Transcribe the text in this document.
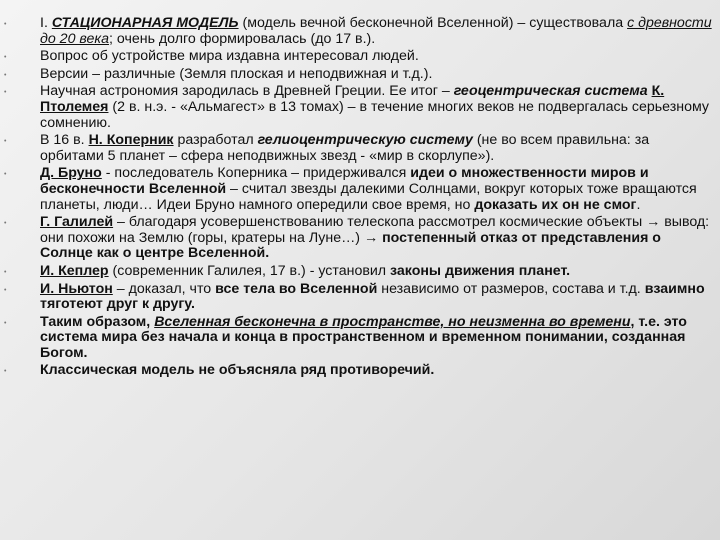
• I. СТАЦИОНАРНАЯ МОДЕЛЬ (модель вечной бесконечной Вселенной) – существовала с древности до 20 века; очень долго формировалась (до 17 в.).
• Вопрос об устройстве мира издавна интересовал людей.
• Версии – различные (Земля плоская и неподвижная и т.д.).
• Научная астрономия зародилась в Древней Греции. Ее итог – геоцентрическая система К. Птолемея (2 в. н.э. - «Альмагест» в 13 томах) – в течение многих веков не подвергалась серьезному сомнению.
• В 16 в. Н. Коперник разработал гелиоцентрическую систему (не во всем правильна: за орбитами 5 планет – сфера неподвижных звезд - «мир в скорлупе»).
• Д. Бруно - последователь Коперника – придерживался идеи о множественности миров и бесконечности Вселенной – считал звезды далекими Солнцами, вокруг которых тоже вращаются планеты, люди… Идеи Бруно намного опередили свое время, но доказать их он не смог.
• Г. Галилей – благодаря усовершенствованию телескопа рассмотрел космические объекты → вывод: они похожи на Землю (горы, кратеры на Луне…) → постепенный отказ от представления о Солнце как о центре Вселенной.
• И. Кеплер (современник Галилея, 17 в.) - установил законы движения планет.
• И. Ньютон – доказал, что все тела во Вселенной независимо от размеров, состава и т.д. взаимно тяготеют друг к другу.
• Таким образом, Вселенная бесконечна в пространстве, но неизменна во времени, т.е. это система мира без начала и конца в пространственном и временном понимании, созданная Богом.
• Классическая модель не объясняла ряд противоречий.
